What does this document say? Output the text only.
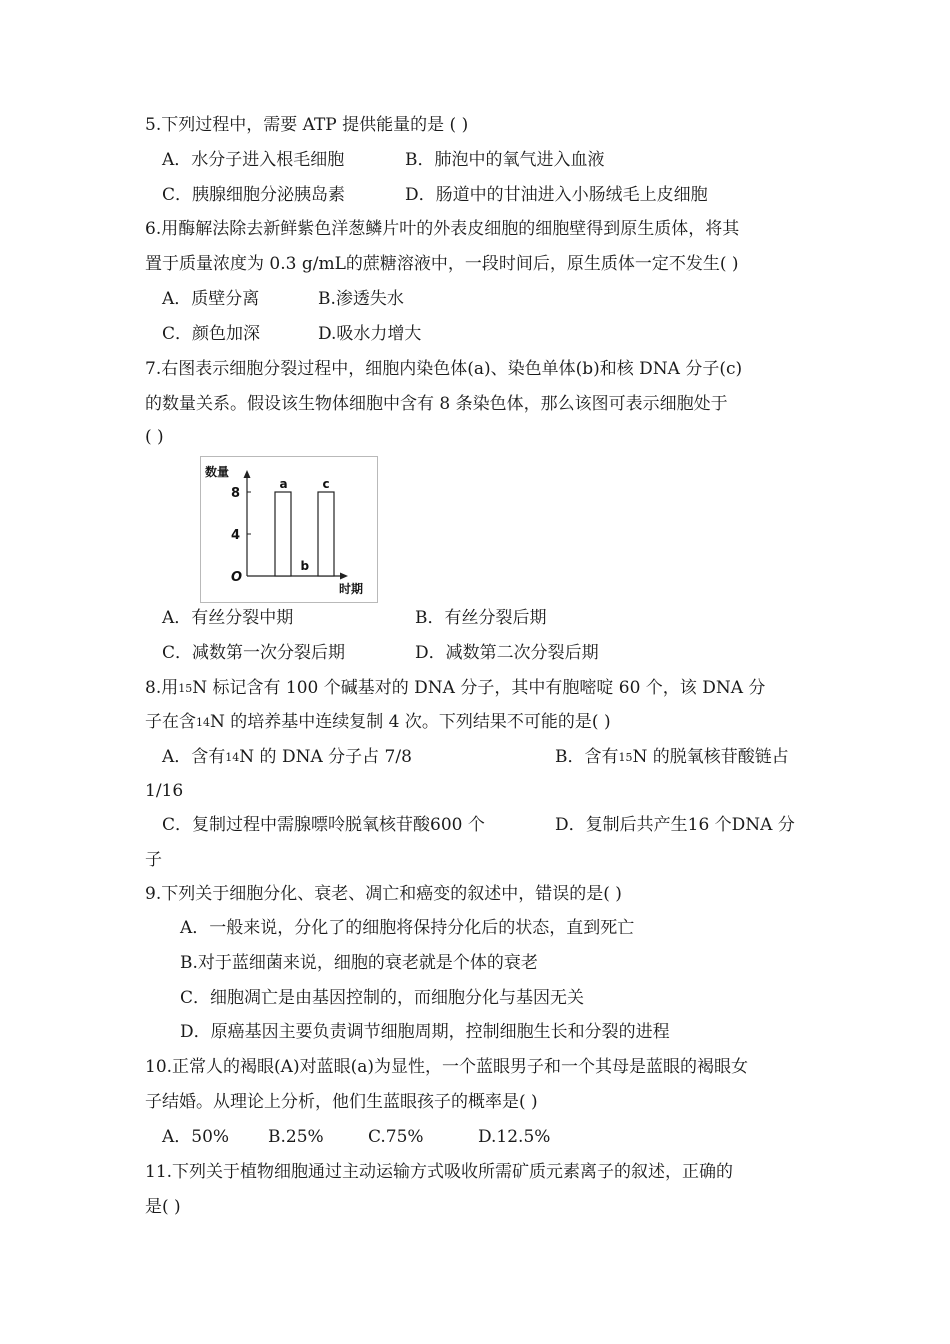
5.下列过程中，需要 ATP 提供能量的是 ( )
A．水分子进入根毛细胞	B．肺泡中的氧气进入血液
C．胰腺细胞分泌胰岛素	D．肠道中的甘油进入小肠绒毛上皮细胞
6.用酶解法除去新鲜紫色洋葱鳞片叶的外表皮细胞的细胞壁得到原生质体，将其
置于质量浓度为 0.3 g/mL的蔗糖溶液中，一段时间后，原生质体一定不发生( )
A．质壁分离	B.渗透失水
C．颜色加深	D.吸水力增大
7.右图表示细胞分裂过程中，细胞内染色体(a)、染色单体(b)和核 DNA 分子(c)
的数量关系。假设该生物体细胞中含有 8 条染色体，那么该图可表示细胞处于
( )
数量
时期
8
4
O
a
b
c
A．有丝分裂中期	B．有丝分裂后期
C．减数第一次分裂后期	D．减数第二次分裂后期
8.用15N 标记含有 100 个碱基对的 DNA 分子，其中有胞嘧啶 60 个，该 DNA 分
子在含14N 的培养基中连续复制 4 次。下列结果不可能的是( )
A．含有14N 的 DNA 分子占 7/8	B．含有15N 的脱氧核苷酸链占
1/16
C．复制过程中需腺嘌呤脱氧核苷酸600 个	D．复制后共产生16 个DNA 分
子
9.下列关于细胞分化、衰老、凋亡和癌变的叙述中，错误的是( )
A．一般来说，分化了的细胞将保持分化后的状态，直到死亡
B.对于蓝细菌来说，细胞的衰老就是个体的衰老
C．细胞凋亡是由基因控制的，而细胞分化与基因无关
D．原癌基因主要负责调节细胞周期，控制细胞生长和分裂的进程
10.正常人的褐眼(A)对蓝眼(a)为显性，一个蓝眼男子和一个其母是蓝眼的褐眼女
子结婚。从理论上分析，他们生蓝眼孩子的概率是( )
A．50% B.25%	C.75%	D.12.5%
11.下列关于植物细胞通过主动运输方式吸收所需矿质元素离子的叙述，正确的
是( )
